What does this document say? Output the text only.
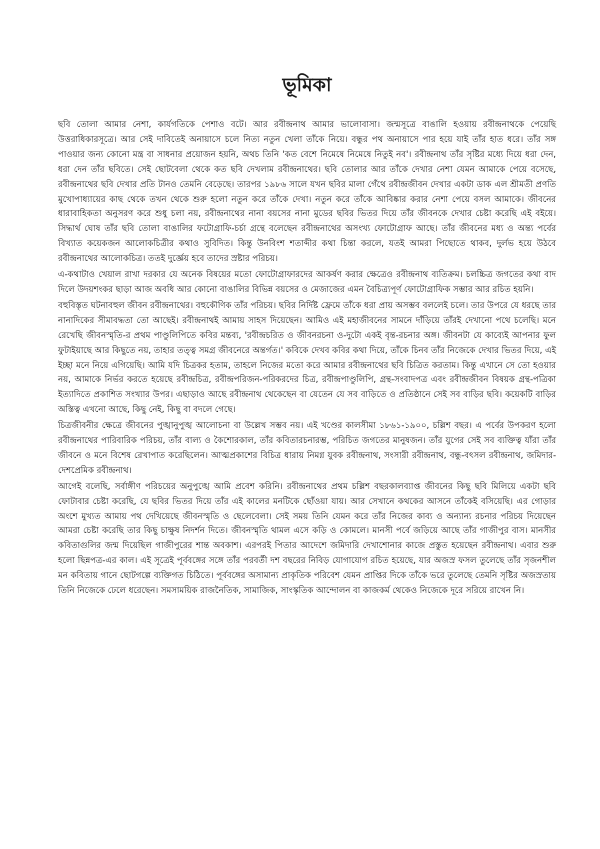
ভূমিকা

ছবি তোলা আমার নেশা, কার্যগতিকে পেশাও বটে। আর রবীন্দ্রনাথ আমার ভালোবাসা। জন্মসূত্রে বাঙালি হওয়ায় রবীন্দ্রনাথকে পেয়েছি উত্তরাধিকারসূত্রে। আর সেই দাবিতেই অনায়াসে চলে নিত্য নতুন খেলা তাঁকে নিয়ে। বন্ধুর পথ অনায়াসে পার হয়ে যাই তাঁর হাত ধরে। তাঁর সঙ্গ পাওয়ার জন্য কোনো মন্ত্র বা সাধনার প্রয়োজন হয়নি, অথচ তিনি 'কত বেশে নিমেষে নিমেষে নিতুই নব'। রবীন্দ্রনাথ তাঁর সৃষ্টির মধ্যে দিয়ে ধরা দেন, ধরা দেন তাঁর ছবিতে। সেই ছোটবেলা থেকে কত ছবি দেখলাম রবীন্দ্রনাথের। ছবি তোলার আর তাঁকে দেখার নেশা যেমন আমাকে পেয়ে বসেছে, রবীন্দ্রনাথের ছবি দেখার প্রতি টানও তেমনি বেড়েছে। তারপর ১৯৮৬ সালে যখন ছবির মালা গেঁথে রবীন্দ্রজীবন দেখার একটা ডাক এল শ্রীমতী প্রণতি মুখোপাধ্যায়ের কাছ থেকে তখন থেকে শুরু হলো নতুন করে তাঁকে দেখা। নতুন করে তাঁকে আবিষ্কার করার নেশা পেয়ে বসল আমাকে। জীবনের ধারাবাহিকতা অনুসরণ করে শুধু চলা নয়, রবীন্দ্রনাথের নানা বয়সের নানা মুডের ছবির ভিতর দিয়ে তাঁর জীবনকে দেখার চেষ্টা করেছি এই বইয়ে। সিদ্ধার্থ ঘোষ তাঁর ছবি তোলা বাঙালির ফটোগ্রাফি-চর্চা গ্রন্থে বলেছেন রবীন্দ্রনাথের অসংখ্য ফোটোগ্রাফ আছে। তাঁর জীবনের মধ্য ও অন্ত্য পর্বের বিখ্যাত কয়েকজন আলোকচিত্রীর কথাও সুবিদিত। কিন্তু উনবিংশ শতাব্দীর কথা চিন্তা করলে, যতই আমরা পিছোতে থাকব, দুর্লভ হয়ে উঠবে রবীন্দ্রনাথের আলোকচিত্র। ততই দুর্জ্ঞেয় হবে তাদের স্রষ্টার পরিচয়।

এ-কথাটাও খেয়াল রাখা দরকার যে অনেক বিষয়ের মতো ফোটোগ্রাফারদের আকর্ষণ করার ক্ষেত্রেও রবীন্দ্রনাথ ব্যতিক্রম। চলচ্চিত্র জগতের কথা বাদ দিলে উদয়শংকর ছাড়া আজ অবধি আর কোনো বাঙালির বিভিন্ন বয়সের ও মেজাজের এমন বৈচিত্র্যপূর্ণ ফোটোগ্রাফিক সম্ভার আর রচিত হয়নি।

বহুবিস্তৃত ঘটনাবহুল জীবন রবীন্দ্রনাথের। বহুকৌণিক তাঁর পরিচয়। ছবির নির্দিষ্ট ফ্রেমে তাঁকে ধরা প্রায় অসম্ভব বললেই চলে। তার উপরে যে ধরছে তার নানাদিকের সীমাবদ্ধতা তো আছেই। রবীন্দ্রনাথই আমায় সাহস দিয়েছেন। আমিও এই মহাজীবনের সামনে দাঁড়িয়ে তাঁরই দেখানো পথে চলেছি। মনে রেখেছি জীবনস্মৃতি-র প্রথম পাণ্ডুলিপিতে কবির মন্তব্য, 'রবীন্দ্রচরিত ও জীবনরচনা ও-দুটো একই বৃন্ত-রচনার অঙ্গ। জীবনটা যে কাব্যেই আপনার ফুল ফুটাইয়াছে আর কিছুতে নয়, তাহার তত্ত্ব সমগ্র জীবনেরে অন্তর্গত।' কবিকে দেখব কবির কথা দিয়ে, তাঁকে চিনব তাঁর নিজেকে দেখার ভিতর দিয়ে, এই ইচ্ছা মনে নিয়ে এগিয়েছি। আমি যদি চিত্রকর হতাম, তাহলে নিজের মতো করে আমার রবীন্দ্রনাথের ছবি চিত্রিত করতাম। কিন্তু এখানে সে তো হওয়ার নয়, আমাকে নির্ভর করতে হয়েছে রবীন্দ্রচিত্র, রবীন্দ্রপরিজন-পরিকরদের চিত্র, রবীন্দ্রপাণ্ডুলিপি, গ্রন্থ-সংবাদপত্র এবং রবীন্দ্রজীবন বিষয়ক গ্রন্থ-পত্রিকা ইত্যাদিতে প্রকাশিত সংখ্যার উপর। এছাড়াও আছে রবীন্দ্রনাথ থেকেছেন বা যেতেন যে সব বাড়িতে ও প্রতিষ্ঠানে সেই সব বাড়ির ছবি। কয়েকটি বাড়ির অস্তিত্ব এখনো আছে, কিছু নেই, কিছু বা বদলে গেছে।

চিত্রজীবনীর ক্ষেত্রে জীবনের পুঙ্খানুপুঙ্খ আলোচনা বা উল্লেখ সম্ভব নয়। এই খণ্ডের কালসীমা ১৮৬১-১৯০০, চল্লিশ বছর। এ পর্বের উপকরণ হলো রবীন্দ্রনাথের পারিবারিক পরিচয়, তাঁর বাল্য ও কৈশোরকাল, তাঁর কবিতারচনারম্ভ, পরিচিত জগতের মানুষজন। তাঁর যুগের সেই সব ব্যক্তিত্ব যাঁরা তাঁর জীবনে ও মনে বিশেষ রেখাপাত করেছিলেন। আত্মপ্রকাশের বিচিত্র ধারায় নিমগ্ন যুবক রবীন্দ্রনাথ, সংসারী রবীন্দ্রনাথ, বন্ধু-বৎসল রবীন্দ্রনাথ, জমিদার-দেশপ্রেমিক রবীন্দ্রনাথ।

আগেই বলেছি, সর্বাঙ্গীণ পরিচয়ের অনুপুঙ্খে আমি প্রবেশ করিনি। রবীন্দ্রনাথের প্রথম চল্লিশ বছরকালব্যাপ্ত জীবনের কিছু ছবি মিলিয়ে একটা ছবি ফোটাবার চেষ্টা করেছি, যে ছবির ভিতর দিয়ে তাঁর এই কালের মনটিকে ছোঁওয়া যায়। আর সেখানে কথকের আসনে তাঁকেই বসিয়েছি। এর গোড়ার অংশে মুখ্যত আমায় পথ দেখিয়েছে জীবনস্মৃতি ও ছেলেবেলা। সেই সময় তিনি যেমন করে তাঁর নিজের কাব্য ও অন্যান্য রচনার পরিচয় দিয়েছেন আমরা চেষ্টা করেছি তার কিছু চাক্ষুষ নিদর্শন দিতে। জীবনস্মৃতি থামল এসে কড়ি ও কোমলে। মানসী পর্বে জড়িয়ে আছে তাঁর গাজীপুর বাস। মানসীর কবিতাগুলির জন্ম দিয়েছিল গাজীপুরের শান্ত অবকাশ। এরপরই পিতার আদেশে জমিদারি দেখাশোনার কাজে প্রস্তুত হয়েছেন রবীন্দ্রনাথ। এবার শুরু হলো ছিন্নপত্র-এর কাল। এই সূত্রেই পূর্ববঙ্গের সঙ্গে তাঁর পরবর্তী দশ বছরের নিবিড় যোগাযোগ রচিত হয়েছে, যার অজস্র ফসল তুলেছে তাঁর সৃজনশীল মন কবিতায় গানে ছোটগল্পে ব্যক্তিগত চিঠিতে। পূর্ববঙ্গের অসামান্য প্রাকৃতিক পরিবেশ যেমন প্রাপ্তির দিকে তাঁকে ভরে তুলেছে তেমনি সৃষ্টির অজস্রতায় তিনি নিজেকে ঢেলে ধরেছেন। সমসাময়িক রাজনৈতিক, সামাজিক, সাংস্কৃতিক আন্দোলন বা কাজকর্ম থেকেও নিজেকে দূরে সরিয়ে রাখেন নি।
